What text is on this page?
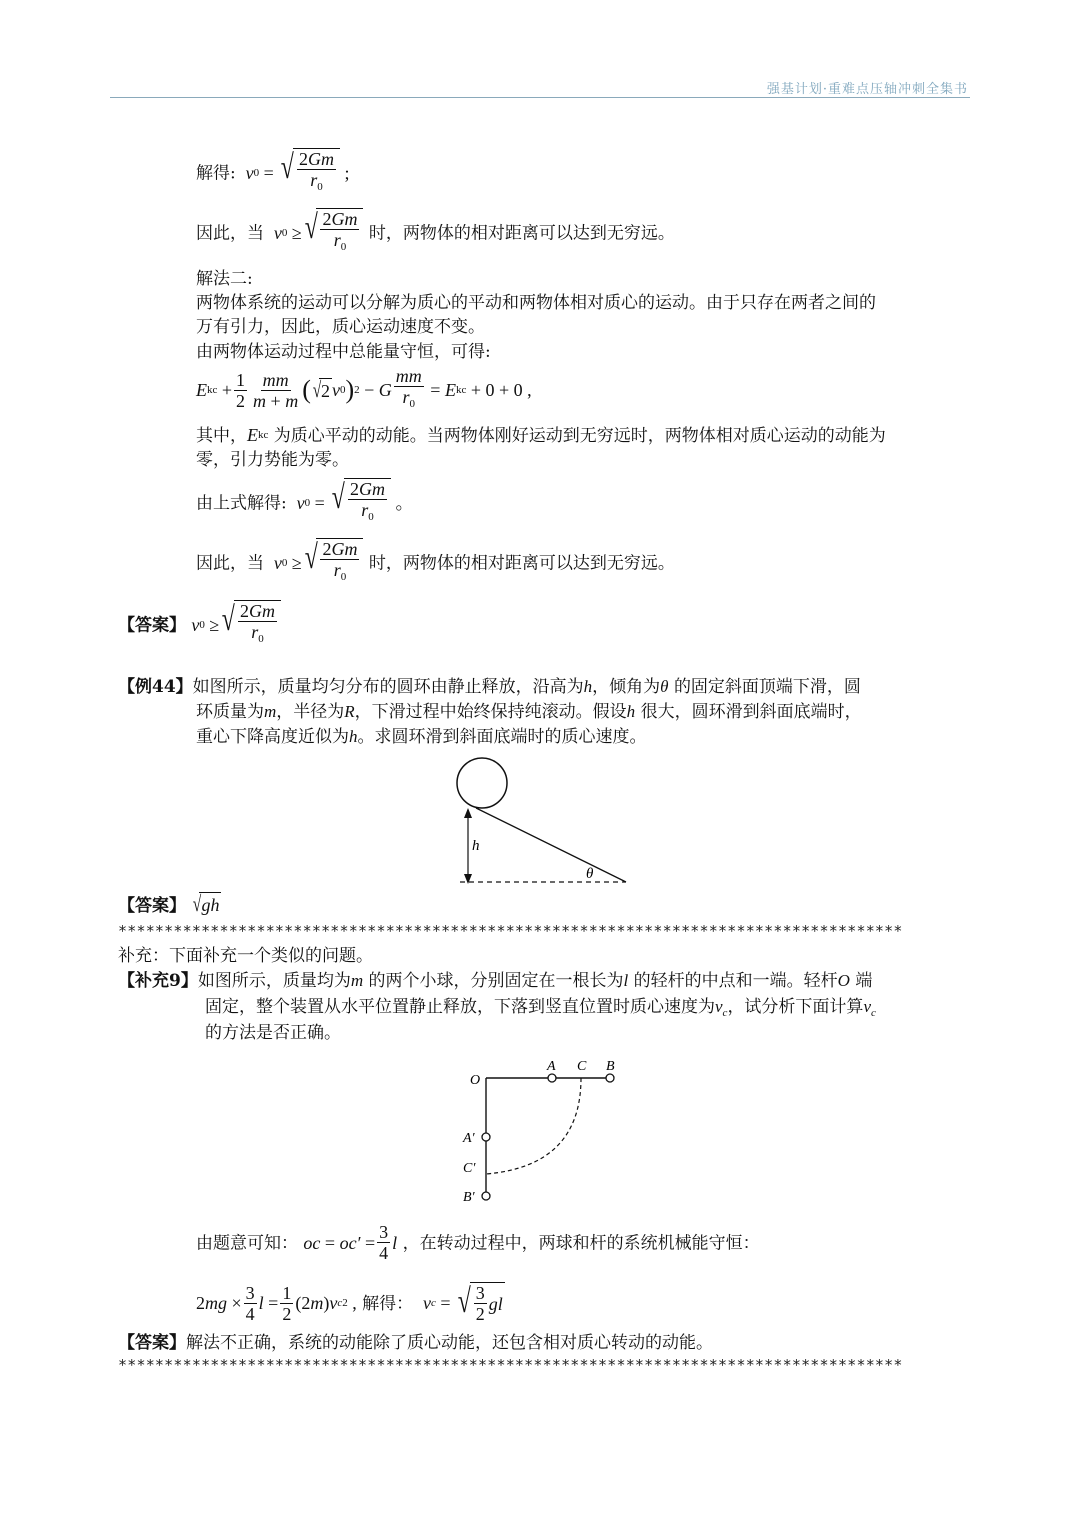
强基计划·重难点压轴冲刺全集书
解得: v 0 = √ $\frac{2Gm}{r_0}$ ;
因此，当 v 0 ≥ √ $\frac{2Gm}{r_0}$ 时，两物体的相对距离可以达到无穷远。
解法二:
两物体系统的运动可以分解为质心的平动和两物体相对质心的运动。由于只存在两者之间的
万有引力，因此，质心运动速度不变。
由两物体运动过程中总能量守恒，可得:
E kc + $\frac{1}{2} \frac{mm}{m + m}$ ( √ 2 v 0 ) 2 − G $\frac{mm}{r_0} = E$ kc + 0 + 0 ,
其中， E kc 为质心平动的动能。当两物体刚好运动到无穷远时，两物体相对质心运动的动能为
零，引力势能为零。
由上式解得: v 0 = √ $\frac{2Gm}{r_0}$ 。
因此，当 v 0 ≥ √ $\frac{2Gm}{r_0}$ 时，两物体的相对距离可以达到无穷远。
【答案】 v 0 ≥ √ $\frac{2Gm}{r_0}$
【例44】如图所示，质量均匀分布的圆环由静止释放，沿高为h，倾角为θ 的固定斜面顶端下滑，圆
环质量为m，半径为R，下滑过程中始终保持纯滚动。假设h 很大，圆环滑到斜面底端时，
重心下降高度近似为h。求圆环滑到斜面底端时的质心速度。
h
θ
【答案】 √ gh
*************************************************************************************
补充：下面补充一个类似的问题。
【补充9】如图所示，质量均为m 的两个小球，分别固定在一根长为l 的轻杆的中点和一端。轻杆O 端
固定，整个装置从水平位置静止释放，下落到竖直位置时质心速度为$v_c$，试分析下面计算$v_c$
的方法是否正确。
O
A C B
A′
C′
B′
由题意可知： oc = $oc' = \frac{3}{4}$ l ，在转动过程中，两球和杆的系统机械能守恒：
2 mg × $\frac{3}{4}$ $l = \frac{1}{2} (2$ m ) v c 2 , 解得： v c = √ $\frac{3}{2}$ gl
【答案】解法不正确，系统的动能除了质心动能，还包含相对质心转动的动能。
*************************************************************************************
